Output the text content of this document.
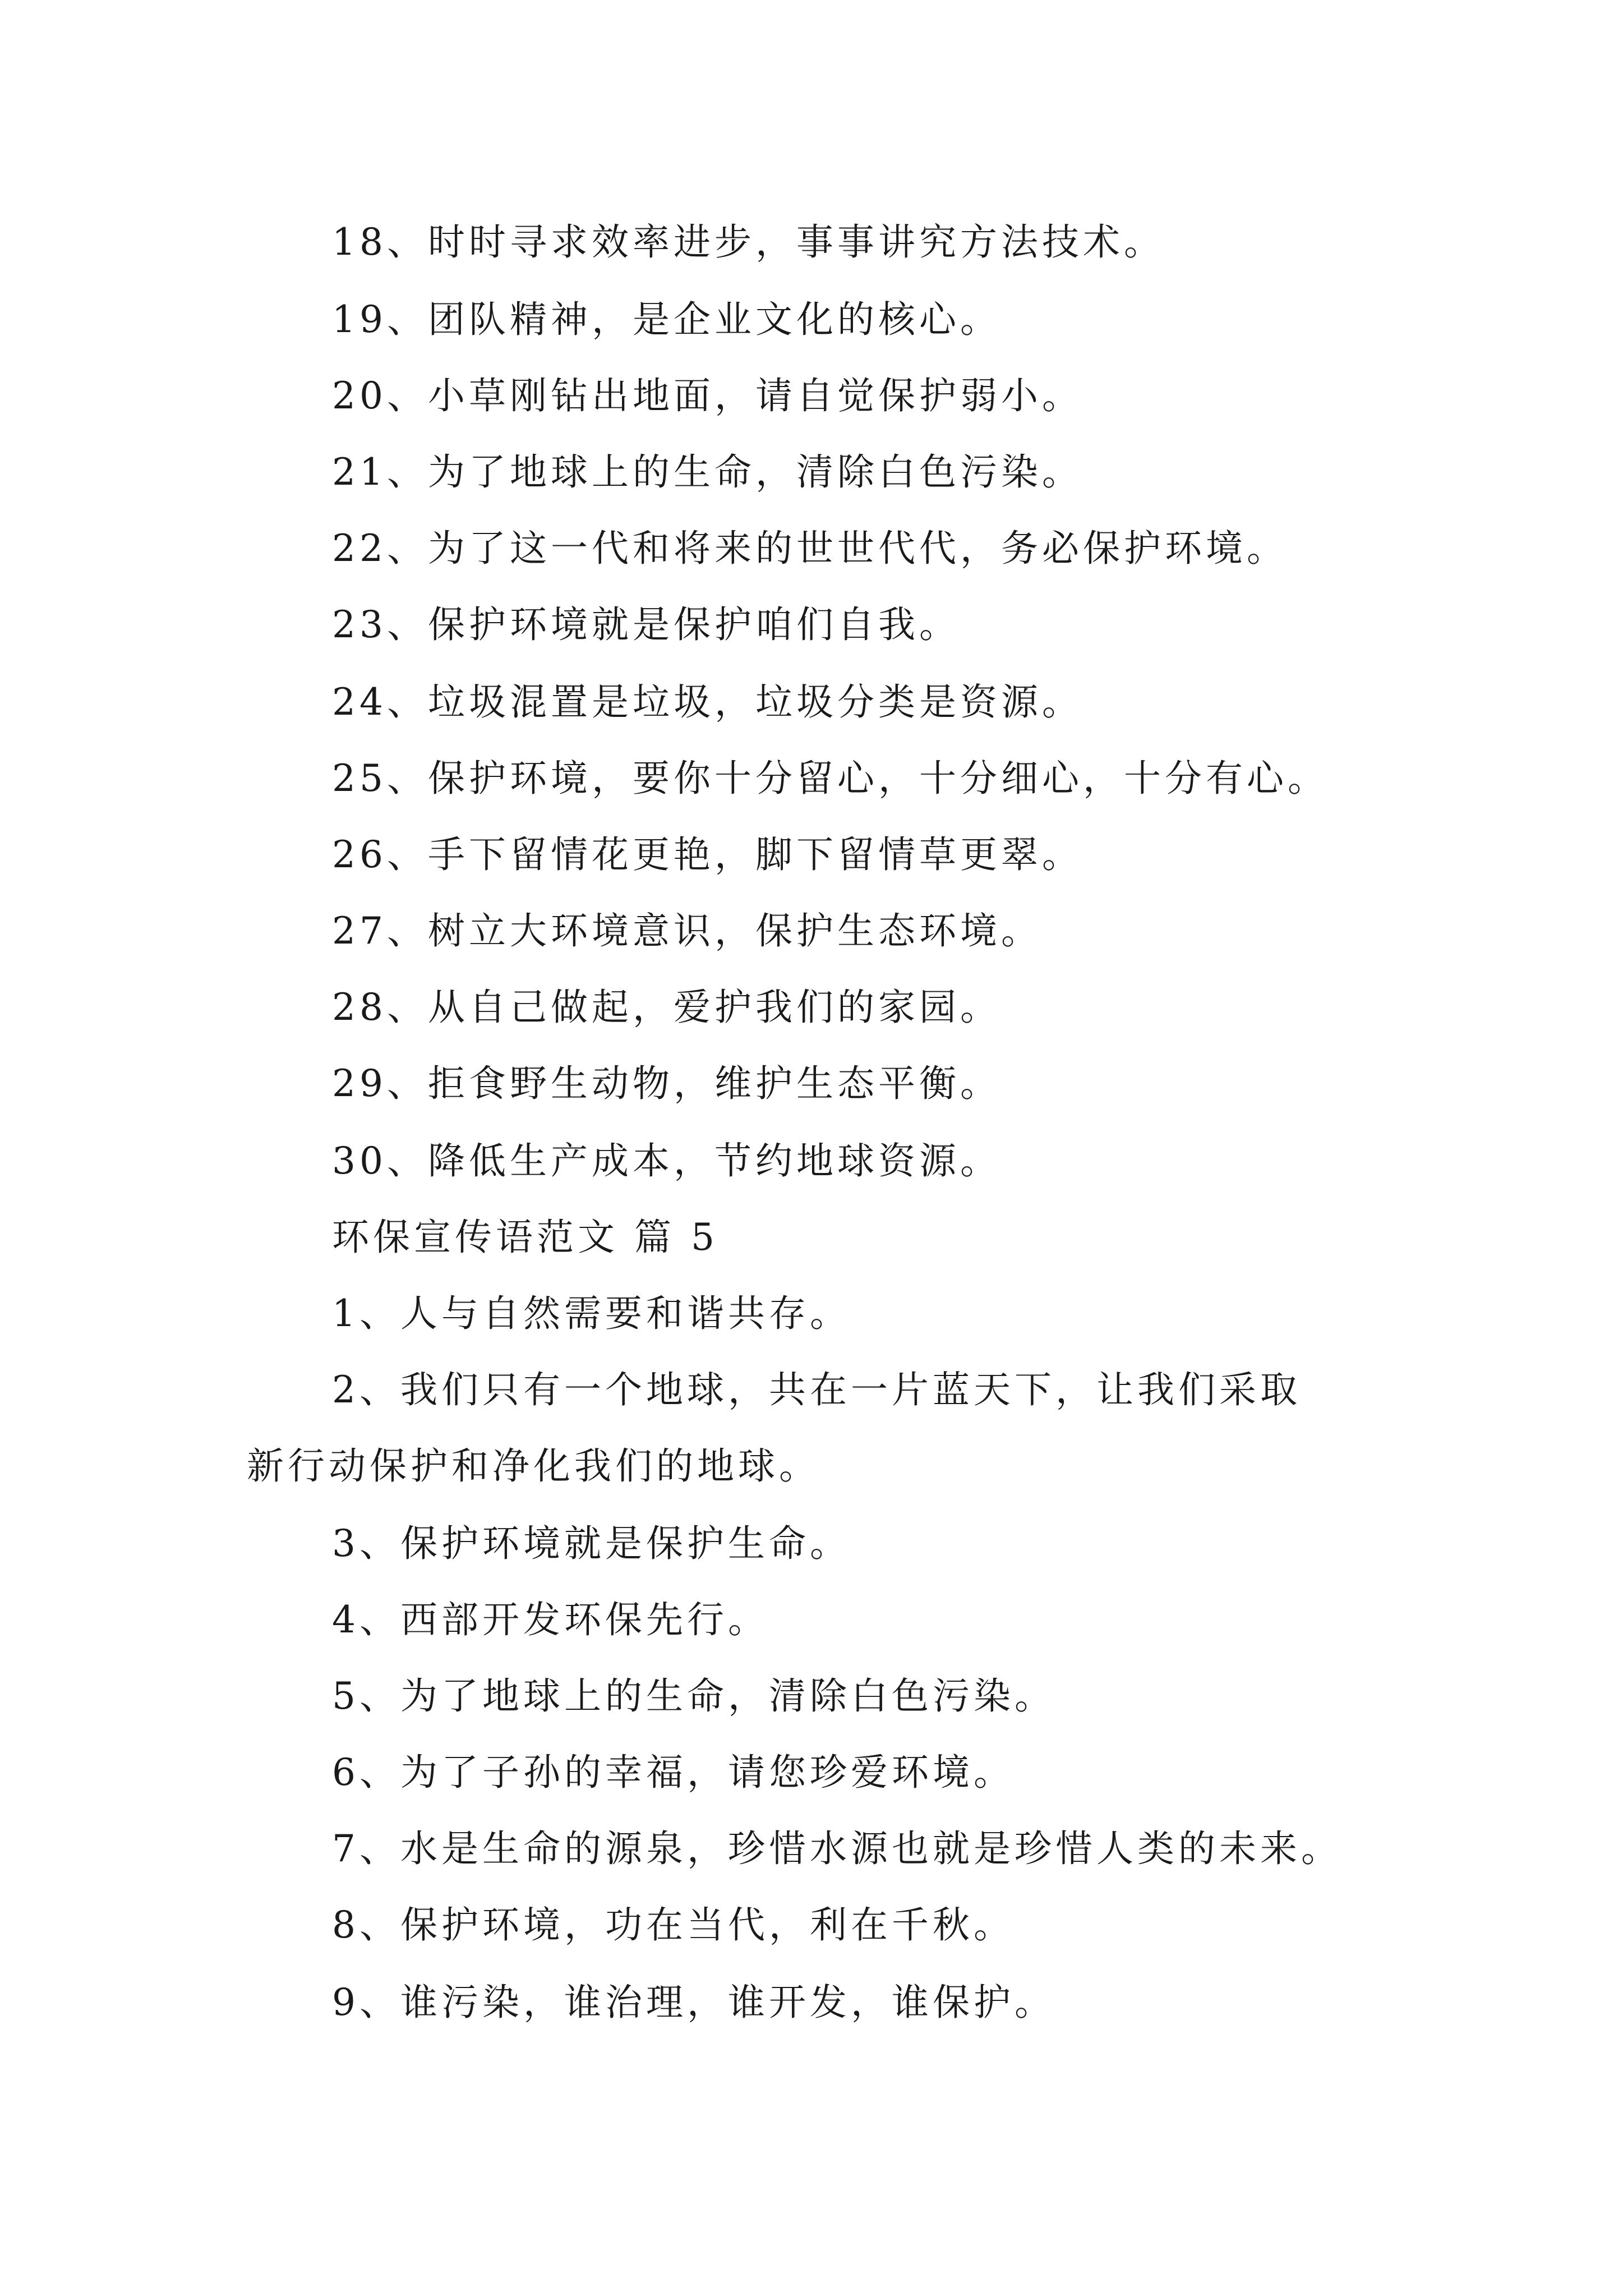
18、时时寻求效率进步，事事讲究方法技术。
19、团队精神，是企业文化的核心。
20、小草刚钻出地面，请自觉保护弱小。
21、为了地球上的生命，清除白色污染。
22、为了这一代和将来的世世代代，务必保护环境。
23、保护环境就是保护咱们自我。
24、垃圾混置是垃圾，垃圾分类是资源。
25、保护环境，要你十分留心，十分细心，十分有心。
26、手下留情花更艳，脚下留情草更翠。
27、树立大环境意识，保护生态环境。
28、从自己做起，爱护我们的家园。
29、拒食野生动物，维护生态平衡。
30、降低生产成本，节约地球资源。
环保宣传语范文 篇 5
1、人与自然需要和谐共存。
2、我们只有一个地球，共在一片蓝天下，让我们采取
新行动保护和净化我们的地球。
3、保护环境就是保护生命。
4、西部开发环保先行。
5、为了地球上的生命，清除白色污染。
6、为了子孙的幸福，请您珍爱环境。
7、水是生命的源泉，珍惜水源也就是珍惜人类的未来。
8、保护环境，功在当代，利在千秋。
9、谁污染，谁治理，谁开发，谁保护。
